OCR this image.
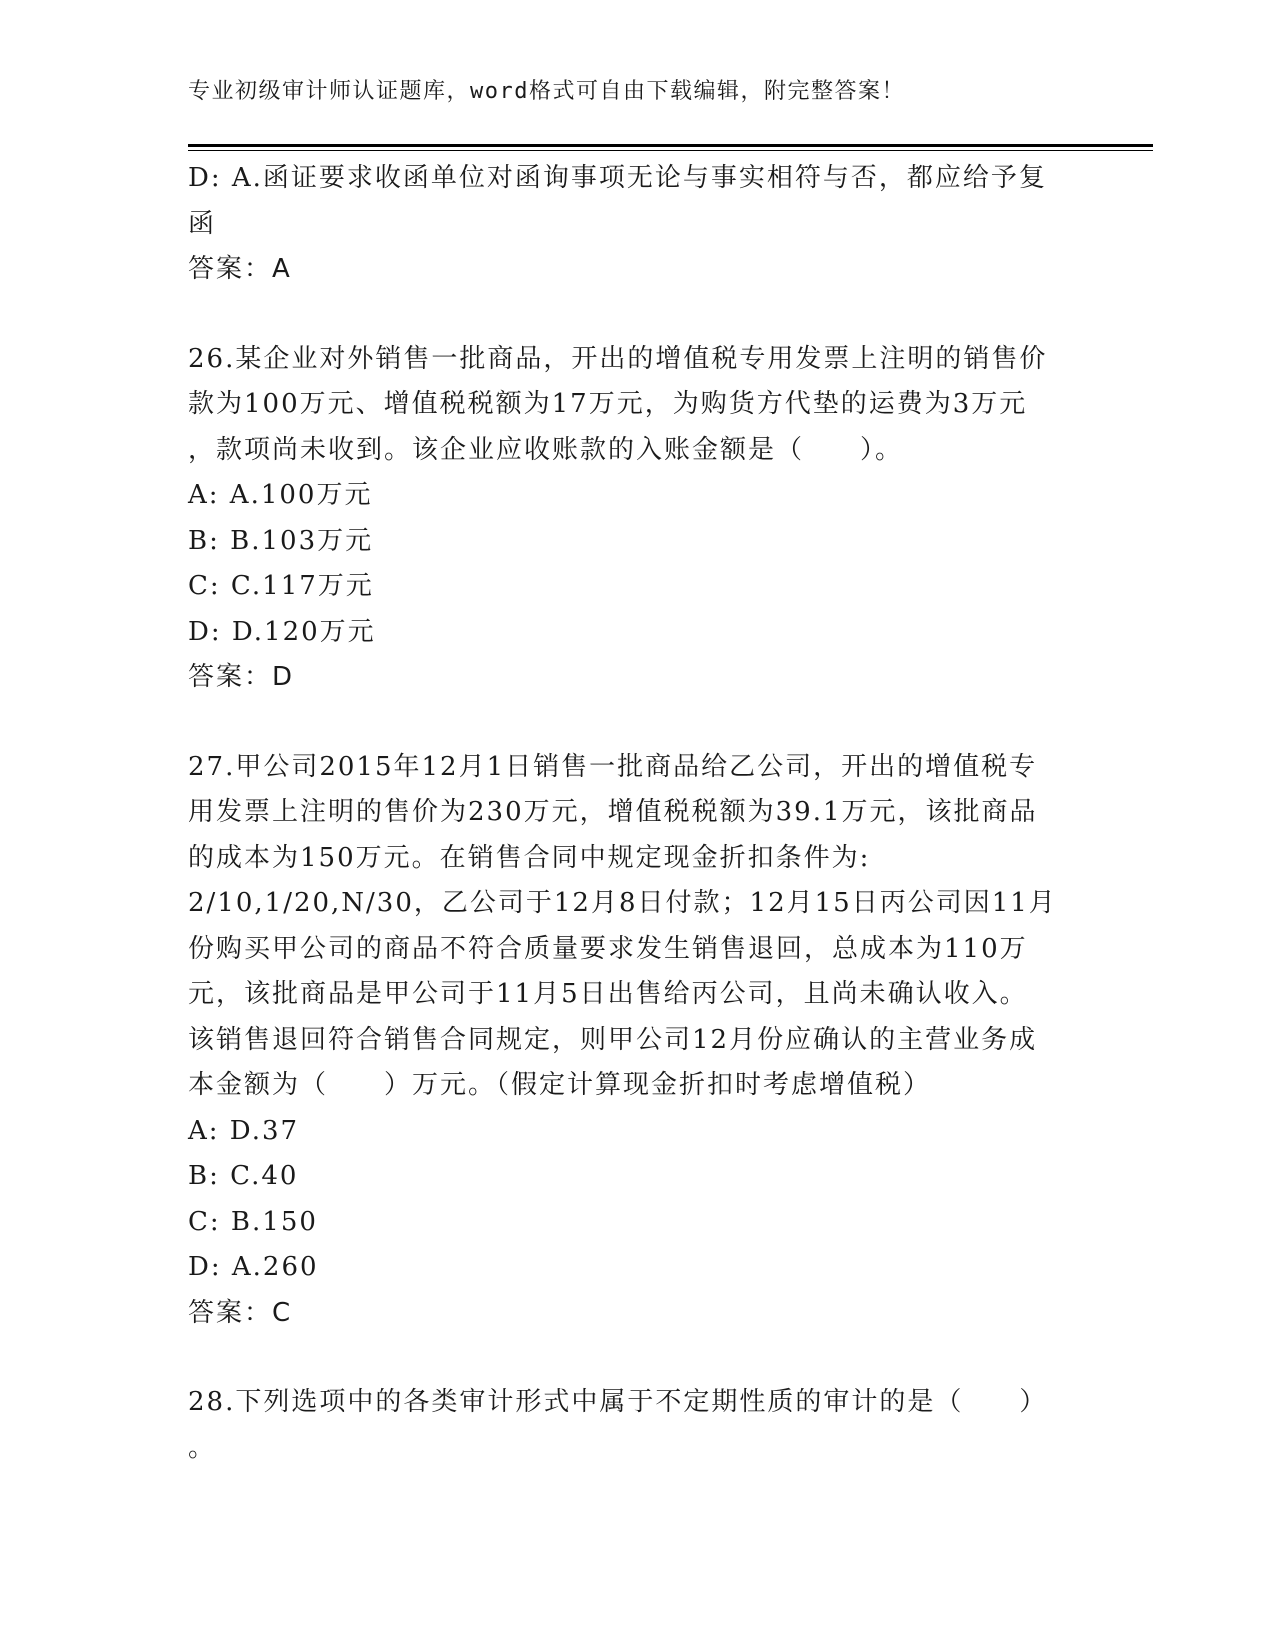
专业初级审计师认证题库，word格式可自由下载编辑，附完整答案！
D: A.函证要求收函单位对函询事项无论与事实相符与否，都应给予复
函
答案：A
26.某企业对外销售一批商品，开出的增值税专用发票上注明的销售价
款为100万元、增值税税额为17万元，为购货方代垫的运费为3万元
，款项尚未收到。该企业应收账款的入账金额是（　　）。
A: A.100万元
B: B.103万元
C: C.117万元
D: D.120万元
答案：D
27.甲公司2015年12月1日销售一批商品给乙公司，开出的增值税专
用发票上注明的售价为230万元，增值税税额为39.1万元，该批商品
的成本为150万元。在销售合同中规定现金折扣条件为:
2/10,1/20,N/30，乙公司于12月8日付款；12月15日丙公司因11月
份购买甲公司的商品不符合质量要求发生销售退回，总成本为110万
元，该批商品是甲公司于11月5日出售给丙公司，且尚未确认收入。
该销售退回符合销售合同规定，则甲公司12月份应确认的主营业务成
本金额为（　　）万元。（假定计算现金折扣时考虑增值税）
A: D.37
B: C.40
C: B.150
D: A.260
答案：C
28.下列选项中的各类审计形式中属于不定期性质的审计的是（　　）
。
